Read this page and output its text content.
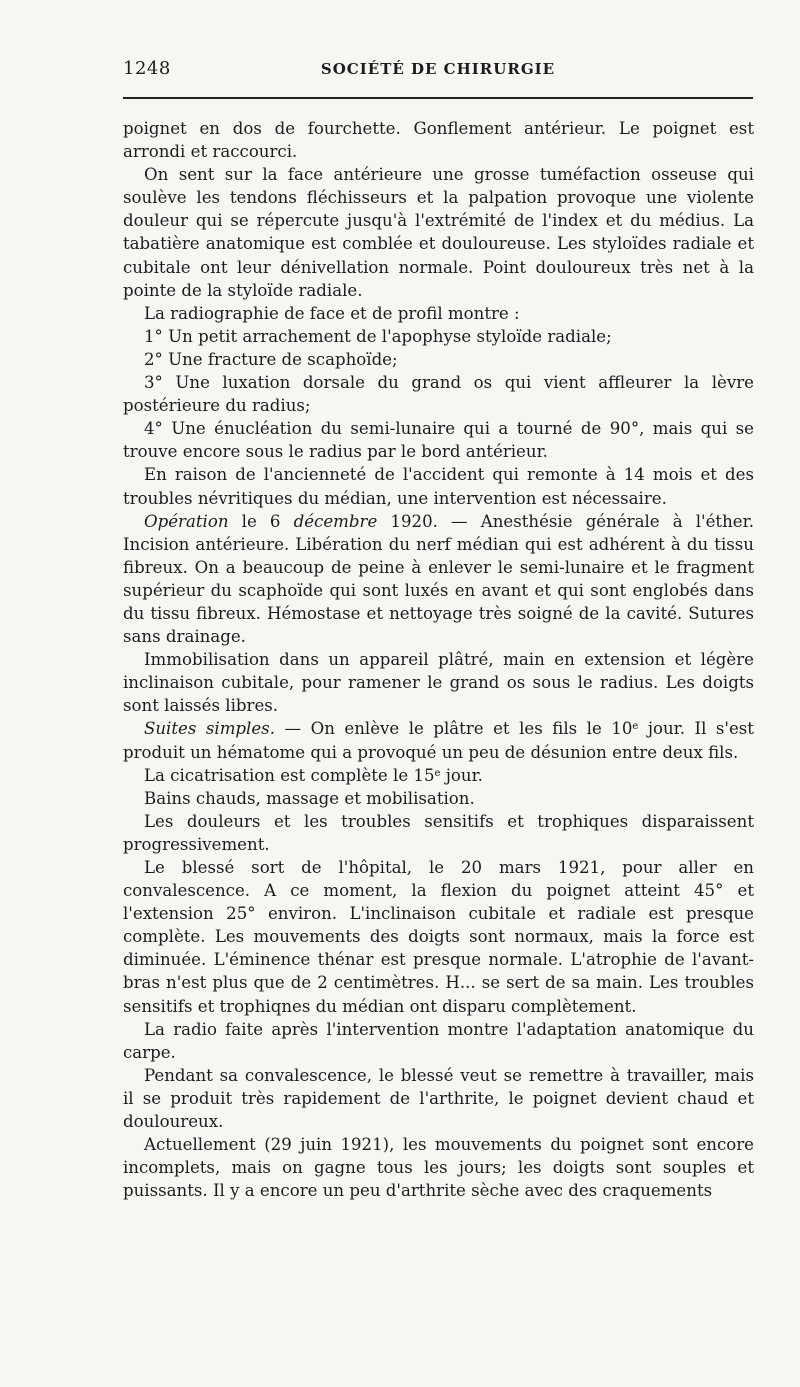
1248	SOCIÉTÉ DE CHIRURGIE

poignet en dos de fourchette. Gonflement antérieur. Le poignet est arrondi et raccourci.

On sent sur la face antérieure une grosse tuméfaction osseuse qui soulève les tendons fléchisseurs et la palpation provoque une violente douleur qui se répercute jusqu'à l'extrémité de l'index et du médius. La tabatière anatomique est comblée et douloureuse. Les styloïdes radiale et cubitale ont leur dénivellation normale. Point douloureux très net à la pointe de la styloïde radiale.

La radiographie de face et de profil montre :

1° Un petit arrachement de l'apophyse styloïde radiale;

2° Une fracture de scaphoïde;

3° Une luxation dorsale du grand os qui vient affleurer la lèvre postérieure du radius;

4° Une énucléation du semi-lunaire qui a tourné de 90°, mais qui se trouve encore sous le radius par le bord antérieur.

En raison de l'ancienneté de l'accident qui remonte à 14 mois et des troubles névritiques du médian, une intervention est nécessaire.

Opération le 6 décembre 1920. — Anesthésie générale à l'éther. Incision antérieure. Libération du nerf médian qui est adhérent à du tissu fibreux. On a beaucoup de peine à enlever le semi-lunaire et le fragment supérieur du scaphoïde qui sont luxés en avant et qui sont englobés dans du tissu fibreux. Hémostase et nettoyage très soigné de la cavité. Sutures sans drainage.

Immobilisation dans un appareil plâtré, main en extension et légère inclinaison cubitale, pour ramener le grand os sous le radius. Les doigts sont laissés libres.

Suites simples. — On enlève le plâtre et les fils le 10e jour. Il s'est produit un hématome qui a provoqué un peu de désunion entre deux fils.

La cicatrisation est complète le 15e jour.

Bains chauds, massage et mobilisation.

Les douleurs et les troubles sensitifs et trophiques disparaissent progressivement.

Le blessé sort de l'hôpital, le 20 mars 1921, pour aller en convalescence. A ce moment, la flexion du poignet atteint 45° et l'extension 25° environ. L'inclinaison cubitale et radiale est presque complète. Les mouvements des doigts sont normaux, mais la force est diminuée. L'éminence thénar est presque normale. L'atrophie de l'avant-bras n'est plus que de 2 centimètres. H... se sert de sa main. Les troubles sensitifs et trophiqnes du médian ont disparu complètement.

La radio faite après l'intervention montre l'adaptation anatomique du carpe.

Pendant sa convalescence, le blessé veut se remettre à travailler, mais il se produit très rapidement de l'arthrite, le poignet devient chaud et douloureux.

Actuellement (29 juin 1921), les mouvements du poignet sont encore incomplets, mais on gagne tous les jours; les doigts sont souples et puissants. Il y a encore un peu d'arthrite sèche avec des craquements
